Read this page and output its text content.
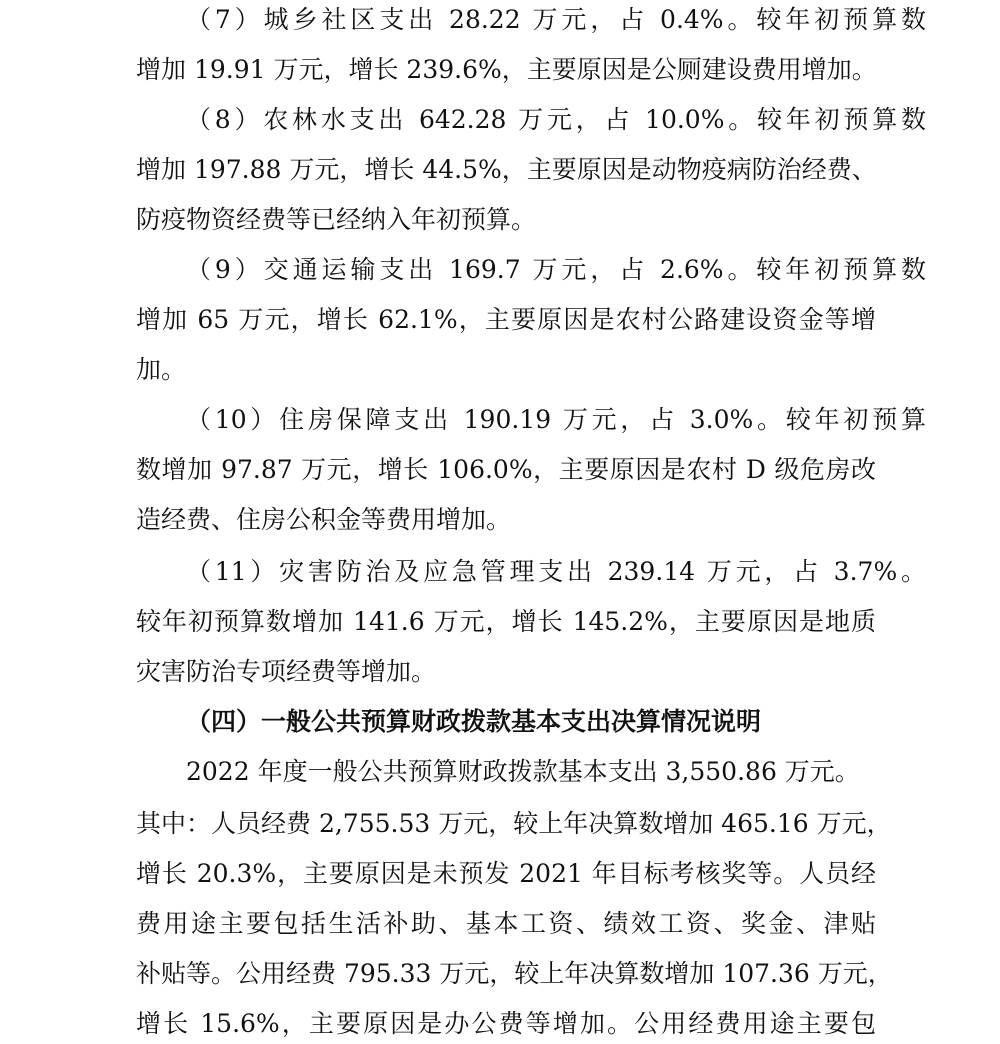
（7）城乡社区支出 28.22 万元，占 0.4%。较年初预算数
增加 19.91 万元，增长 239.6%，主要原因是公厕建设费用增加。
（8）农林水支出 642.28 万元，占 10.0%。较年初预算数
增加 197.88 万元，增长 44.5%，主要原因是动物疫病防治经费、
防疫物资经费等已经纳入年初预算。
（9）交通运输支出 169.7 万元，占 2.6%。较年初预算数
增加 65 万元，增长 62.1%，主要原因是农村公路建设资金等增
加。
（10）住房保障支出 190.19 万元，占 3.0%。较年初预算
数增加 97.87 万元，增长 106.0%，主要原因是农村 D 级危房改
造经费、住房公积金等费用增加。
（11）灾害防治及应急管理支出 239.14 万元，占 3.7%。
较年初预算数增加 141.6 万元，增长 145.2%，主要原因是地质
灾害防治专项经费等增加。
（四）一般公共预算财政拨款基本支出决算情况说明
2022 年度一般公共预算财政拨款基本支出 3,550.86 万元。
其中：人员经费 2,755.53 万元，较上年决算数增加 465.16 万元，
增长 20.3%，主要原因是未预发 2021 年目标考核奖等。人员经
费用途主要包括生活补助、基本工资、绩效工资、奖金、津贴
补贴等。公用经费 795.33 万元，较上年决算数增加 107.36 万元，
增长 15.6%，主要原因是办公费等增加。公用经费用途主要包
